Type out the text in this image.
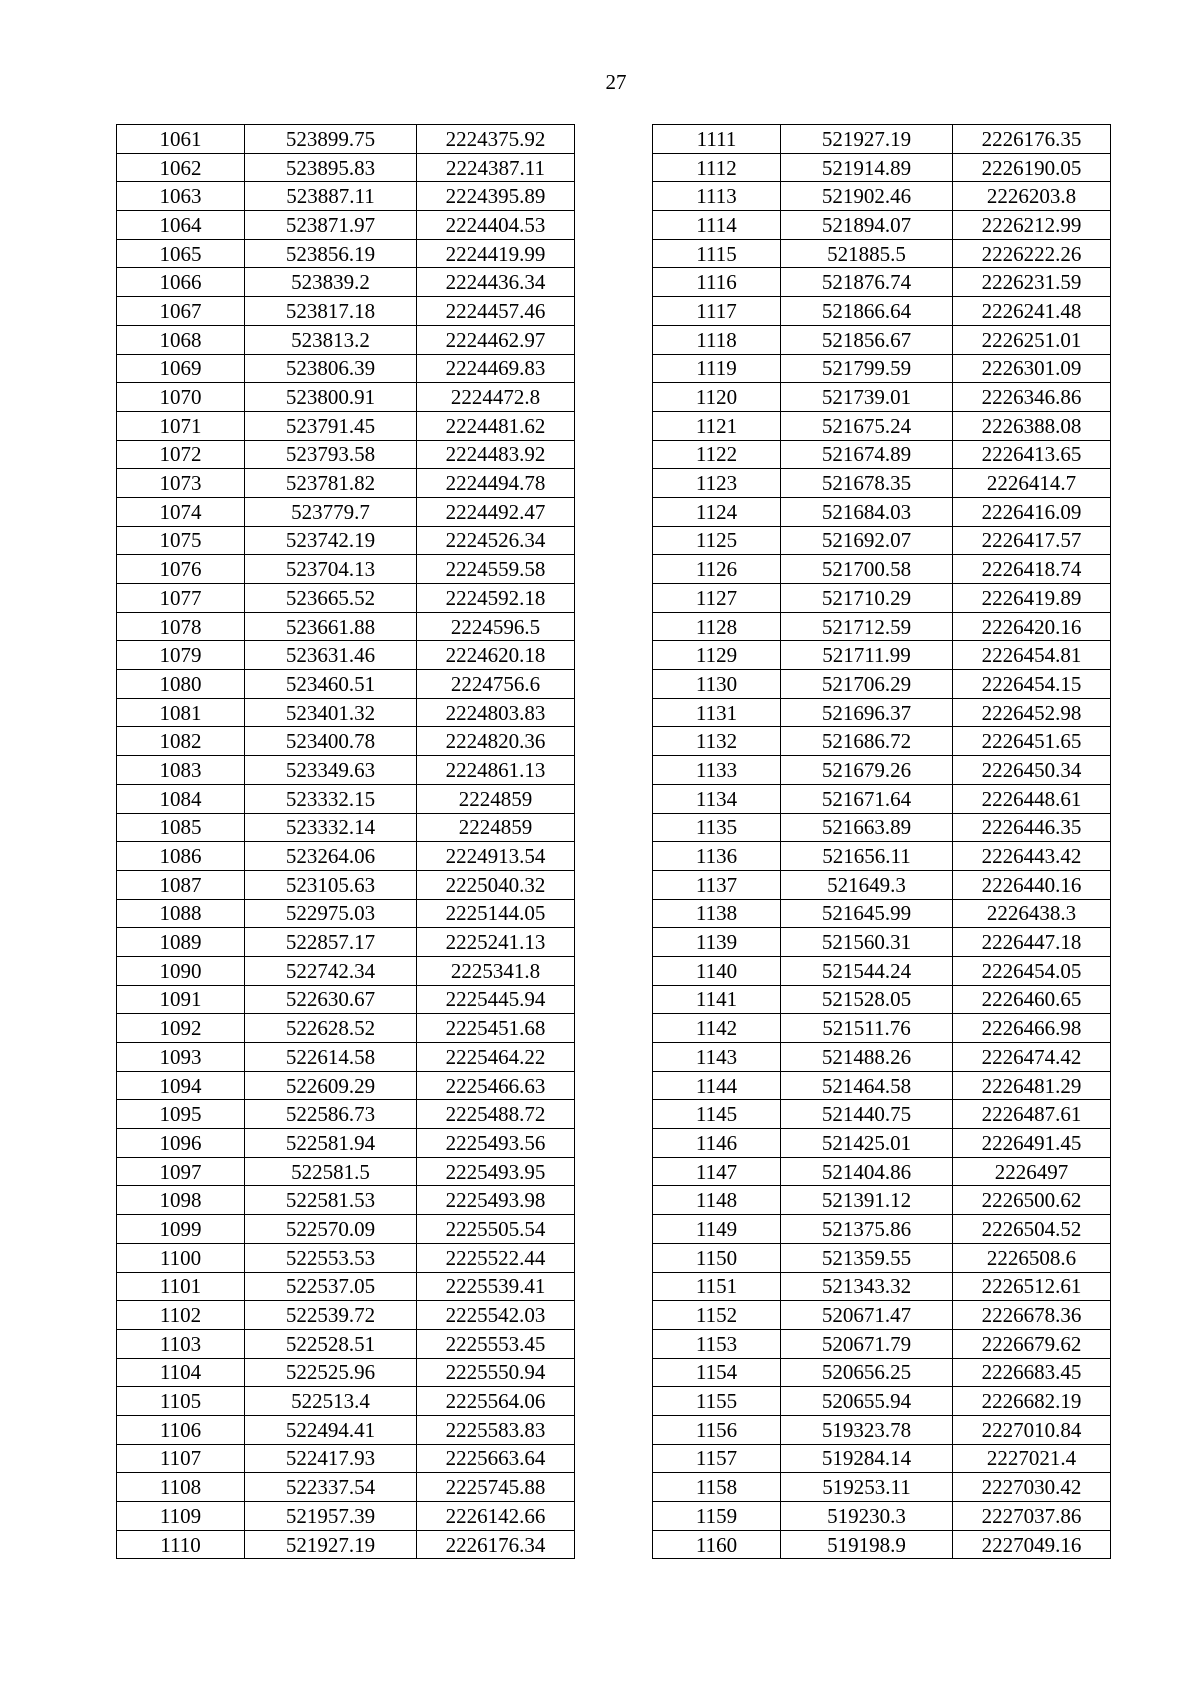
27
1061	523899.75	2224375.92
1062	523895.83	2224387.11
1063	523887.11	2224395.89
1064	523871.97	2224404.53
1065	523856.19	2224419.99
1066	523839.2	2224436.34
1067	523817.18	2224457.46
1068	523813.2	2224462.97
1069	523806.39	2224469.83
1070	523800.91	2224472.8
1071	523791.45	2224481.62
1072	523793.58	2224483.92
1073	523781.82	2224494.78
1074	523779.7	2224492.47
1075	523742.19	2224526.34
1076	523704.13	2224559.58
1077	523665.52	2224592.18
1078	523661.88	2224596.5
1079	523631.46	2224620.18
1080	523460.51	2224756.6
1081	523401.32	2224803.83
1082	523400.78	2224820.36
1083	523349.63	2224861.13
1084	523332.15	2224859
1085	523332.14	2224859
1086	523264.06	2224913.54
1087	523105.63	2225040.32
1088	522975.03	2225144.05
1089	522857.17	2225241.13
1090	522742.34	2225341.8
1091	522630.67	2225445.94
1092	522628.52	2225451.68
1093	522614.58	2225464.22
1094	522609.29	2225466.63
1095	522586.73	2225488.72
1096	522581.94	2225493.56
1097	522581.5	2225493.95
1098	522581.53	2225493.98
1099	522570.09	2225505.54
1100	522553.53	2225522.44
1101	522537.05	2225539.41
1102	522539.72	2225542.03
1103	522528.51	2225553.45
1104	522525.96	2225550.94
1105	522513.4	2225564.06
1106	522494.41	2225583.83
1107	522417.93	2225663.64
1108	522337.54	2225745.88
1109	521957.39	2226142.66
1110	521927.19	2226176.34
1111	521927.19	2226176.35
1112	521914.89	2226190.05
1113	521902.46	2226203.8
1114	521894.07	2226212.99
1115	521885.5	2226222.26
1116	521876.74	2226231.59
1117	521866.64	2226241.48
1118	521856.67	2226251.01
1119	521799.59	2226301.09
1120	521739.01	2226346.86
1121	521675.24	2226388.08
1122	521674.89	2226413.65
1123	521678.35	2226414.7
1124	521684.03	2226416.09
1125	521692.07	2226417.57
1126	521700.58	2226418.74
1127	521710.29	2226419.89
1128	521712.59	2226420.16
1129	521711.99	2226454.81
1130	521706.29	2226454.15
1131	521696.37	2226452.98
1132	521686.72	2226451.65
1133	521679.26	2226450.34
1134	521671.64	2226448.61
1135	521663.89	2226446.35
1136	521656.11	2226443.42
1137	521649.3	2226440.16
1138	521645.99	2226438.3
1139	521560.31	2226447.18
1140	521544.24	2226454.05
1141	521528.05	2226460.65
1142	521511.76	2226466.98
1143	521488.26	2226474.42
1144	521464.58	2226481.29
1145	521440.75	2226487.61
1146	521425.01	2226491.45
1147	521404.86	2226497
1148	521391.12	2226500.62
1149	521375.86	2226504.52
1150	521359.55	2226508.6
1151	521343.32	2226512.61
1152	520671.47	2226678.36
1153	520671.79	2226679.62
1154	520656.25	2226683.45
1155	520655.94	2226682.19
1156	519323.78	2227010.84
1157	519284.14	2227021.4
1158	519253.11	2227030.42
1159	519230.3	2227037.86
1160	519198.9	2227049.16
